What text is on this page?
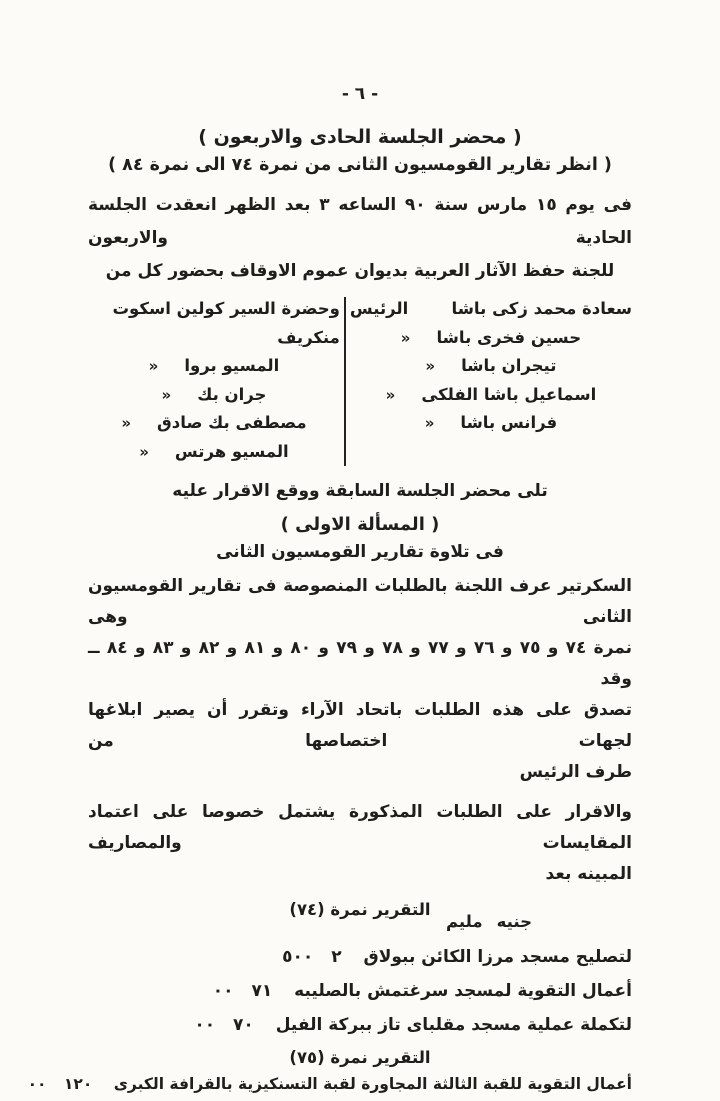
- ٦ -
( محضر الجلسة الحادى والاربعون )
( انظر تقارير القومسيون الثانى من نمرة ٧٤ الى نمرة ٨٤ )
فى يوم ١٥ مارس سنة ٩٠ الساعه ٣ بعد الظهر انعقدت الجلسة الحادية والاربعون
للجنة حفظ الآثار العربية بديوان عموم الاوقاف بحضور كل من
سعادة محمد زكى باشا
الرئيس
« حسين فخرى باشا
« تيجران باشا
« اسماعيل باشا الفلكى
« فرانس باشا
وحضرة السير كولين اسكوت منكريف
« المسيو بروا
« جران بك
« مصطفى بك صادق
« المسيو هرتس
تلى محضر الجلسة السابقة ووقع الاقرار عليه
( المسألة الاولى )
فى تلاوة تقارير القومسيون الثانى
السكرتير عرف اللجنة بالطلبات المنصوصة فى تقارير القومسيون الثانى وهى
نمرة ٧٤ و ٧٥ و ٧٦ و ٧٧ و ٧٨ و ٧٩ و ٨٠ و ٨١ و ٨٢ و ٨٣ و ٨٤ ــ وقد
تصدق على هذه الطلبات باتحاد الآراء وتقرر أن يصير ابلاغها لجهات اختصاصها من
طرف الرئيس
والاقرار على الطلبات المذكورة يشتمل خصوصا على اعتماد المقايسات والمصاريف
المبينه بعد
جنيهمليم
التقرير نمرة (٧٤)
لتصليح مسجد مرزا الكائن ببولاق ٢ ٥٠٠
أعمال التقوية لمسجد سرغتمش بالصليبه ٧١ ٠٠
لتكملة عملية مسجد مقلباى تاز ببركة الفيل ٧٠ ٠٠
التقرير نمرة (٧٥)
أعمال التقوية للقبة الثالثة المجاورة لقبة التسنكيزية بالقرافة الكبرى ١٢٠ ٠٠
